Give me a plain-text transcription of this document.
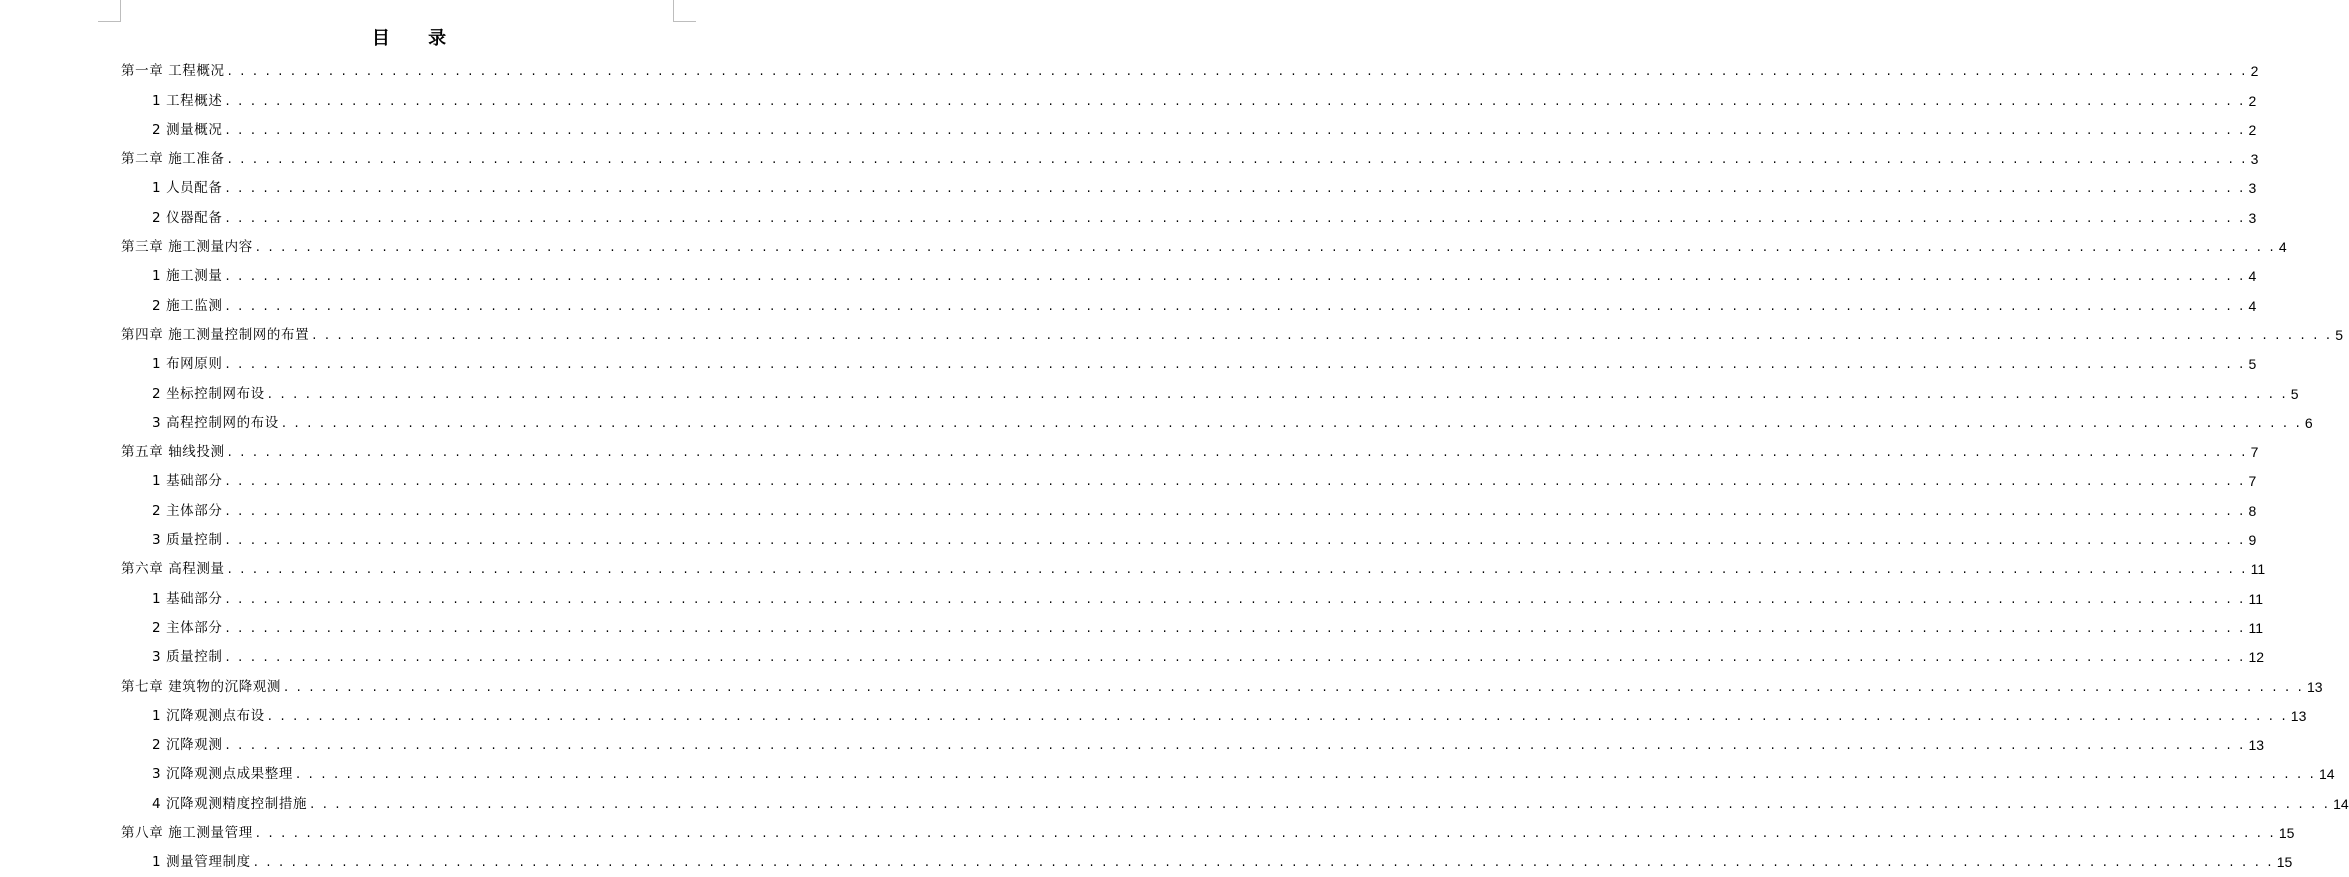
目 录
第一章 工程概况 . . . . . . . . . . . . . . . . . . . . . . . . . . . . . . . . . . . . . . . . . . . . . . . . . . . . . . . . . . . . . . . . . . . . . . . . . . . . . . . . . . . . . . . . . . . . . . . . . . . . . . . . . . . . . . . . . . . . . . . . . . . . . . . . . . . . . . . . . . . . . . . . . . . . . . . . . . . . . . . . 2
1 工程概述 . . . . . . . . . . . . . . . . . . . . . . . . . . . . . . . . . . . . . . . . . . . . . . . . . . . . . . . . . . . . . . . . . . . . . . . . . . . . . . . . . . . . . . . . . . . . . . . . . . . . . . . . . . . . . . . . . . . . . . . . . . . . . . . . . . . . . . . . . . . . . . . . . . . . . . . . . . . . . . . . 2
2 测量概况 . . . . . . . . . . . . . . . . . . . . . . . . . . . . . . . . . . . . . . . . . . . . . . . . . . . . . . . . . . . . . . . . . . . . . . . . . . . . . . . . . . . . . . . . . . . . . . . . . . . . . . . . . . . . . . . . . . . . . . . . . . . . . . . . . . . . . . . . . . . . . . . . . . . . . . . . . . . . . . . . 2
第二章 施工准备 . . . . . . . . . . . . . . . . . . . . . . . . . . . . . . . . . . . . . . . . . . . . . . . . . . . . . . . . . . . . . . . . . . . . . . . . . . . . . . . . . . . . . . . . . . . . . . . . . . . . . . . . . . . . . . . . . . . . . . . . . . . . . . . . . . . . . . . . . . . . . . . . . . . . . . . . . . . . . . . . 3
1 人员配备 . . . . . . . . . . . . . . . . . . . . . . . . . . . . . . . . . . . . . . . . . . . . . . . . . . . . . . . . . . . . . . . . . . . . . . . . . . . . . . . . . . . . . . . . . . . . . . . . . . . . . . . . . . . . . . . . . . . . . . . . . . . . . . . . . . . . . . . . . . . . . . . . . . . . . . . . . . . . . . . . 3
2 仪器配备 . . . . . . . . . . . . . . . . . . . . . . . . . . . . . . . . . . . . . . . . . . . . . . . . . . . . . . . . . . . . . . . . . . . . . . . . . . . . . . . . . . . . . . . . . . . . . . . . . . . . . . . . . . . . . . . . . . . . . . . . . . . . . . . . . . . . . . . . . . . . . . . . . . . . . . . . . . . . . . . . 3
第三章 施工测量内容 . . . . . . . . . . . . . . . . . . . . . . . . . . . . . . . . . . . . . . . . . . . . . . . . . . . . . . . . . . . . . . . . . . . . . . . . . . . . . . . . . . . . . . . . . . . . . . . . . . . . . . . . . . . . . . . . . . . . . . . . . . . . . . . . . . . . . . . . . . . . . . . . . . . . . . . . . . . . . . . . 4
1 施工测量 . . . . . . . . . . . . . . . . . . . . . . . . . . . . . . . . . . . . . . . . . . . . . . . . . . . . . . . . . . . . . . . . . . . . . . . . . . . . . . . . . . . . . . . . . . . . . . . . . . . . . . . . . . . . . . . . . . . . . . . . . . . . . . . . . . . . . . . . . . . . . . . . . . . . . . . . . . . . . . . . 4
2 施工监测 . . . . . . . . . . . . . . . . . . . . . . . . . . . . . . . . . . . . . . . . . . . . . . . . . . . . . . . . . . . . . . . . . . . . . . . . . . . . . . . . . . . . . . . . . . . . . . . . . . . . . . . . . . . . . . . . . . . . . . . . . . . . . . . . . . . . . . . . . . . . . . . . . . . . . . . . . . . . . . . . 4
第四章 施工测量控制网的布置 . . . . . . . . . . . . . . . . . . . . . . . . . . . . . . . . . . . . . . . . . . . . . . . . . . . . . . . . . . . . . . . . . . . . . . . . . . . . . . . . . . . . . . . . . . . . . . . . . . . . . . . . . . . . . . . . . . . . . . . . . . . . . . . . . . . . . . . . . . . . . . . . . . . . . . . . . . . . . . . . 5
1 布网原则 . . . . . . . . . . . . . . . . . . . . . . . . . . . . . . . . . . . . . . . . . . . . . . . . . . . . . . . . . . . . . . . . . . . . . . . . . . . . . . . . . . . . . . . . . . . . . . . . . . . . . . . . . . . . . . . . . . . . . . . . . . . . . . . . . . . . . . . . . . . . . . . . . . . . . . . . . . . . . . . . 5
2 坐标控制网布设 . . . . . . . . . . . . . . . . . . . . . . . . . . . . . . . . . . . . . . . . . . . . . . . . . . . . . . . . . . . . . . . . . . . . . . . . . . . . . . . . . . . . . . . . . . . . . . . . . . . . . . . . . . . . . . . . . . . . . . . . . . . . . . . . . . . . . . . . . . . . . . . . . . . . . . . . . . . . . . . . 5
3 高程控制网的布设 . . . . . . . . . . . . . . . . . . . . . . . . . . . . . . . . . . . . . . . . . . . . . . . . . . . . . . . . . . . . . . . . . . . . . . . . . . . . . . . . . . . . . . . . . . . . . . . . . . . . . . . . . . . . . . . . . . . . . . . . . . . . . . . . . . . . . . . . . . . . . . . . . . . . . . . . . . . . . . . . 6
第五章 轴线投测 . . . . . . . . . . . . . . . . . . . . . . . . . . . . . . . . . . . . . . . . . . . . . . . . . . . . . . . . . . . . . . . . . . . . . . . . . . . . . . . . . . . . . . . . . . . . . . . . . . . . . . . . . . . . . . . . . . . . . . . . . . . . . . . . . . . . . . . . . . . . . . . . . . . . . . . . . . . . . . . . 7
1 基础部分 . . . . . . . . . . . . . . . . . . . . . . . . . . . . . . . . . . . . . . . . . . . . . . . . . . . . . . . . . . . . . . . . . . . . . . . . . . . . . . . . . . . . . . . . . . . . . . . . . . . . . . . . . . . . . . . . . . . . . . . . . . . . . . . . . . . . . . . . . . . . . . . . . . . . . . . . . . . . . . . . 7
2 主体部分 . . . . . . . . . . . . . . . . . . . . . . . . . . . . . . . . . . . . . . . . . . . . . . . . . . . . . . . . . . . . . . . . . . . . . . . . . . . . . . . . . . . . . . . . . . . . . . . . . . . . . . . . . . . . . . . . . . . . . . . . . . . . . . . . . . . . . . . . . . . . . . . . . . . . . . . . . . . . . . . . 8
3 质量控制 . . . . . . . . . . . . . . . . . . . . . . . . . . . . . . . . . . . . . . . . . . . . . . . . . . . . . . . . . . . . . . . . . . . . . . . . . . . . . . . . . . . . . . . . . . . . . . . . . . . . . . . . . . . . . . . . . . . . . . . . . . . . . . . . . . . . . . . . . . . . . . . . . . . . . . . . . . . . . . . . 9
第六章 高程测量 . . . . . . . . . . . . . . . . . . . . . . . . . . . . . . . . . . . . . . . . . . . . . . . . . . . . . . . . . . . . . . . . . . . . . . . . . . . . . . . . . . . . . . . . . . . . . . . . . . . . . . . . . . . . . . . . . . . . . . . . . . . . . . . . . . . . . . . . . . . . . . . . . . . . . . . . . . . . . . . . 11
1 基础部分 . . . . . . . . . . . . . . . . . . . . . . . . . . . . . . . . . . . . . . . . . . . . . . . . . . . . . . . . . . . . . . . . . . . . . . . . . . . . . . . . . . . . . . . . . . . . . . . . . . . . . . . . . . . . . . . . . . . . . . . . . . . . . . . . . . . . . . . . . . . . . . . . . . . . . . . . . . . . . . . . 11
2 主体部分 . . . . . . . . . . . . . . . . . . . . . . . . . . . . . . . . . . . . . . . . . . . . . . . . . . . . . . . . . . . . . . . . . . . . . . . . . . . . . . . . . . . . . . . . . . . . . . . . . . . . . . . . . . . . . . . . . . . . . . . . . . . . . . . . . . . . . . . . . . . . . . . . . . . . . . . . . . . . . . . . 11
3 质量控制 . . . . . . . . . . . . . . . . . . . . . . . . . . . . . . . . . . . . . . . . . . . . . . . . . . . . . . . . . . . . . . . . . . . . . . . . . . . . . . . . . . . . . . . . . . . . . . . . . . . . . . . . . . . . . . . . . . . . . . . . . . . . . . . . . . . . . . . . . . . . . . . . . . . . . . . . . . . . . . . . 12
第七章 建筑物的沉降观测 . . . . . . . . . . . . . . . . . . . . . . . . . . . . . . . . . . . . . . . . . . . . . . . . . . . . . . . . . . . . . . . . . . . . . . . . . . . . . . . . . . . . . . . . . . . . . . . . . . . . . . . . . . . . . . . . . . . . . . . . . . . . . . . . . . . . . . . . . . . . . . . . . . . . . . . . . . . . . . . . 13
1 沉降观测点布设 . . . . . . . . . . . . . . . . . . . . . . . . . . . . . . . . . . . . . . . . . . . . . . . . . . . . . . . . . . . . . . . . . . . . . . . . . . . . . . . . . . . . . . . . . . . . . . . . . . . . . . . . . . . . . . . . . . . . . . . . . . . . . . . . . . . . . . . . . . . . . . . . . . . . . . . . . . . . . . . . 13
2 沉降观测 . . . . . . . . . . . . . . . . . . . . . . . . . . . . . . . . . . . . . . . . . . . . . . . . . . . . . . . . . . . . . . . . . . . . . . . . . . . . . . . . . . . . . . . . . . . . . . . . . . . . . . . . . . . . . . . . . . . . . . . . . . . . . . . . . . . . . . . . . . . . . . . . . . . . . . . . . . . . . . . . 13
3 沉降观测点成果整理 . . . . . . . . . . . . . . . . . . . . . . . . . . . . . . . . . . . . . . . . . . . . . . . . . . . . . . . . . . . . . . . . . . . . . . . . . . . . . . . . . . . . . . . . . . . . . . . . . . . . . . . . . . . . . . . . . . . . . . . . . . . . . . . . . . . . . . . . . . . . . . . . . . . . . . . . . . . . . . . . 14
4 沉降观测精度控制措施 . . . . . . . . . . . . . . . . . . . . . . . . . . . . . . . . . . . . . . . . . . . . . . . . . . . . . . . . . . . . . . . . . . . . . . . . . . . . . . . . . . . . . . . . . . . . . . . . . . . . . . . . . . . . . . . . . . . . . . . . . . . . . . . . . . . . . . . . . . . . . . . . . . . . . . . . . . . . . . . . 14
第八章 施工测量管理 . . . . . . . . . . . . . . . . . . . . . . . . . . . . . . . . . . . . . . . . . . . . . . . . . . . . . . . . . . . . . . . . . . . . . . . . . . . . . . . . . . . . . . . . . . . . . . . . . . . . . . . . . . . . . . . . . . . . . . . . . . . . . . . . . . . . . . . . . . . . . . . . . . . . . . . . . . . . . . . . 15
1 测量管理制度 . . . . . . . . . . . . . . . . . . . . . . . . . . . . . . . . . . . . . . . . . . . . . . . . . . . . . . . . . . . . . . . . . . . . . . . . . . . . . . . . . . . . . . . . . . . . . . . . . . . . . . . . . . . . . . . . . . . . . . . . . . . . . . . . . . . . . . . . . . . . . . . . . . . . . . . . . . . . . . . . 15
